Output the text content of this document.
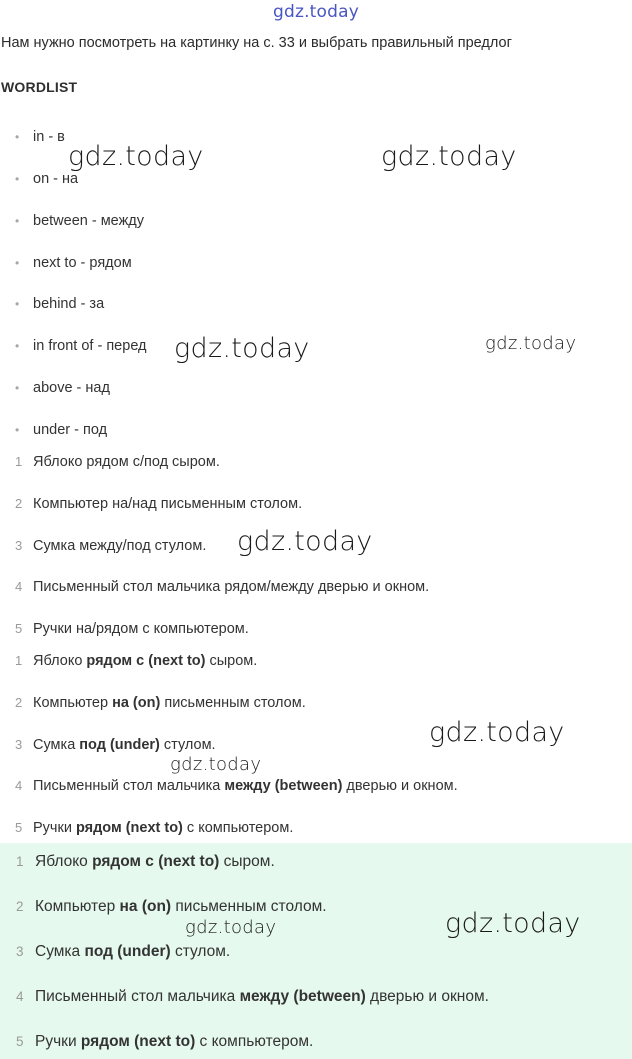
gdz.today
Нам нужно посмотреть на картинку на с. 33 и выбрать правильный предлог
WORDLIST
• in - в
• on - на
• between - между
• next to - рядом
• behind - за
• in front of - перед
• above - над
• under - под
1 Яблоко рядом с/под сыром.
2 Компьютер на/над письменным столом.
3 Сумка между/под стулом.
4 Письменный стол мальчика рядом/между дверью и окном.
5 Ручки на/рядом с компьютером.
1 Яблоко рядом с (next to) сыром.
2 Компьютер на (on) письменным столом.
3 Сумка под (under) стулом.
4 Письменный стол мальчика между (between) дверью и окном.
5 Ручки рядом (next to) с компьютером.
1 Яблоко рядом с (next to) сыром.
2 Компьютер на (on) письменным столом.
3 Сумка под (under) стулом.
4 Письменный стол мальчика между (between) дверью и окном.
5 Ручки рядом (next to) с компьютером.
gdz.today	gdz.today
gdz.today	gdz.today
gdz.today
gdz.today
gdz.today
gdz.today
gdz.today
